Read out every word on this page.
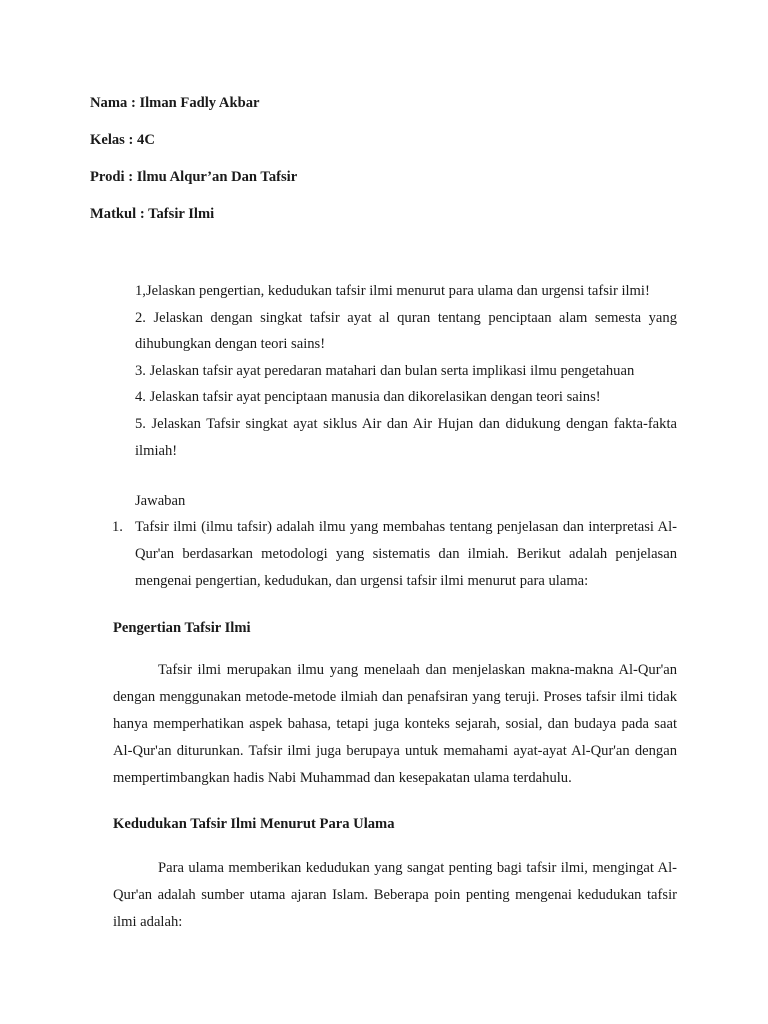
Nama : Ilman Fadly Akbar
Kelas : 4C
Prodi : Ilmu Alqur’an Dan Tafsir
Matkul : Tafsir Ilmi

1,Jelaskan pengertian, kedudukan tafsir ilmi menurut para ulama dan urgensi tafsir ilmi!

2. Jelaskan dengan singkat tafsir ayat al quran tentang penciptaan alam semesta yang dihubungkan dengan teori sains!

3. Jelaskan tafsir ayat peredaran matahari dan bulan serta implikasi ilmu pengetahuan

4. Jelaskan tafsir ayat penciptaan manusia dan dikorelasikan dengan teori sains!

5. Jelaskan Tafsir singkat ayat siklus Air dan Air Hujan dan didukung dengan fakta-fakta ilmiah!

Jawaban
1. Tafsir ilmi (ilmu tafsir) adalah ilmu yang membahas tentang penjelasan dan interpretasi Al-Qur'an berdasarkan metodologi yang sistematis dan ilmiah. Berikut adalah penjelasan mengenai pengertian, kedudukan, dan urgensi tafsir ilmi menurut para ulama:
Pengertian Tafsir Ilmi

Tafsir ilmi merupakan ilmu yang menelaah dan menjelaskan makna-makna Al-Qur'an dengan menggunakan metode-metode ilmiah dan penafsiran yang teruji. Proses tafsir ilmi tidak hanya memperhatikan aspek bahasa, tetapi juga konteks sejarah, sosial, dan budaya pada saat Al-Qur'an diturunkan. Tafsir ilmi juga berupaya untuk memahami ayat-ayat Al-Qur'an dengan mempertimbangkan hadis Nabi Muhammad dan kesepakatan ulama terdahulu.

Kedudukan Tafsir Ilmi Menurut Para Ulama

Para ulama memberikan kedudukan yang sangat penting bagi tafsir ilmi, mengingat Al-Qur'an adalah sumber utama ajaran Islam. Beberapa poin penting mengenai kedudukan tafsir ilmi adalah:
